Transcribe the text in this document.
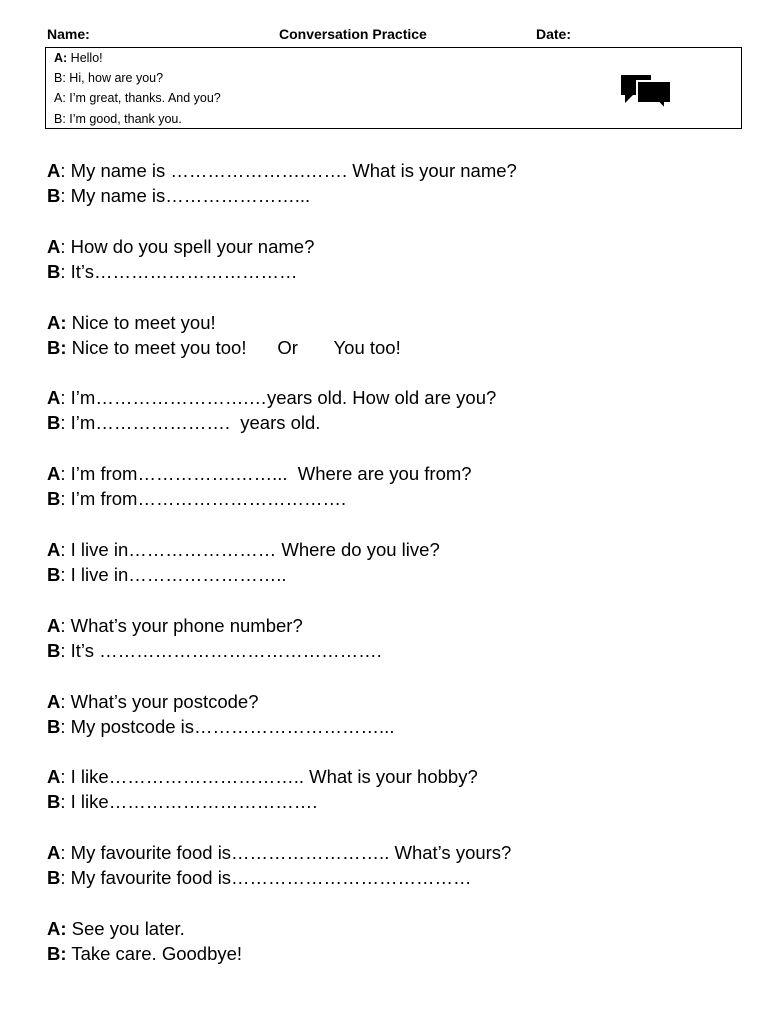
Name:	Conversation Practice	Date:
A: Hello!
B: Hi, how are you?
A: I’m great, thanks. And you?
B: I’m good, thank you.
A: My name is ………………….……. What is your name?
B: My name is…………………...
A: How do you spell your name?
B: It’s……………………………
A: Nice to meet you!
B: Nice to meet you too!      Or       You too!
A: I’m…………………….…years old. How old are you?
B: I’m………………….  years old.
A: I’m from…………….……...  Where are you from?
B: I’m from…………………………….
A: I live in…………………… Where do you live?
B: I live in……………………..
A: What’s your phone number?
B: It’s ……………………………………….
A: What’s your postcode?
B: My postcode is…………………………...
A: I like………………………….. What is your hobby?
B: I like…………………………….
A: My favourite food is…………………….. What’s yours?
B: My favourite food is…………………………………
A: See you later.
B: Take care. Goodbye!
